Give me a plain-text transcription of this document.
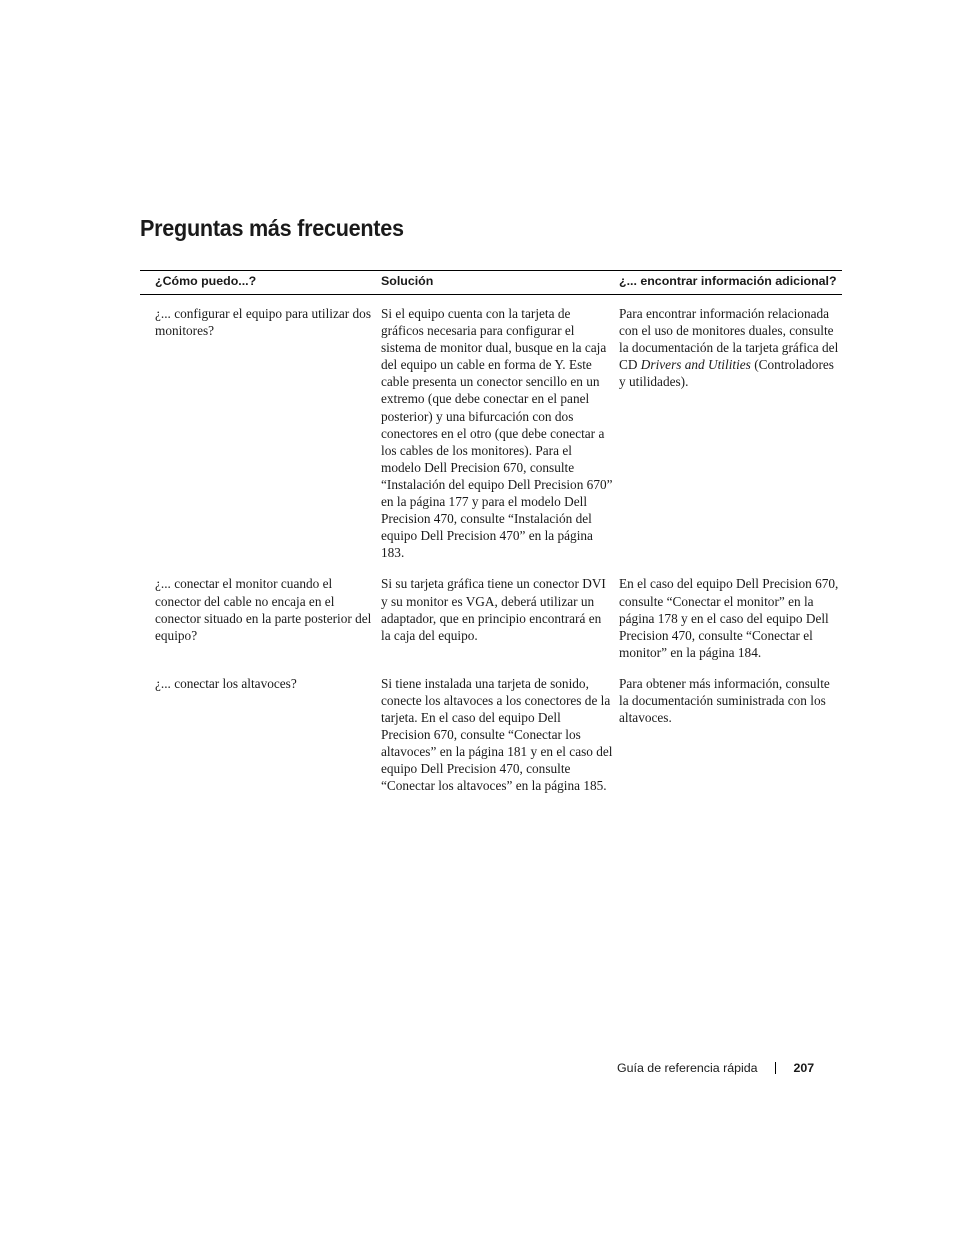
Preguntas más frecuentes
¿Cómo puedo...?	Solución	¿... encontrar información adicional?
¿... configurar el equipo para utilizar dos monitores?	Si el equipo cuenta con la tarjeta de gráficos necesaria para configurar el sistema de monitor dual, busque en la caja del equipo un cable en forma de Y. Este cable presenta un conector sencillo en un extremo (que debe conectar en el panel posterior) y una bifurcación con dos conectores en el otro (que debe conectar a los cables de los monitores). Para el modelo Dell Precision 670, consulte “Instalación del equipo Dell Precision 670” en la página 177 y para el modelo Dell Precision 470, consulte “Instalación del equipo Dell Precision 470” en la página 183.	Para encontrar información relacionada con el uso de monitores duales, consulte la documentación de la tarjeta gráfica del CD Drivers and Utilities (Controladores y utilidades).
¿... conectar el monitor cuando el conector del cable no encaja en el conector situado en la parte posterior del equipo?	Si su tarjeta gráfica tiene un conector DVI y su monitor es VGA, deberá utilizar un adaptador, que en principio encontrará en la caja del equipo.	En el caso del equipo Dell Precision 670, consulte “Conectar el monitor” en la página 178 y en el caso del equipo Dell Precision 470, consulte “Conectar el monitor” en la página 184.
¿... conectar los altavoces?	Si tiene instalada una tarjeta de sonido, conecte los altavoces a los conectores de la tarjeta. En el caso del equipo Dell Precision 670, consulte “Conectar los altavoces” en la página 181 y en el caso del equipo Dell Precision 470, consulte “Conectar los altavoces” en la página 185.	Para obtener más información, consulte la documentación suministrada con los altavoces.
Guía de referencia rápida	207
